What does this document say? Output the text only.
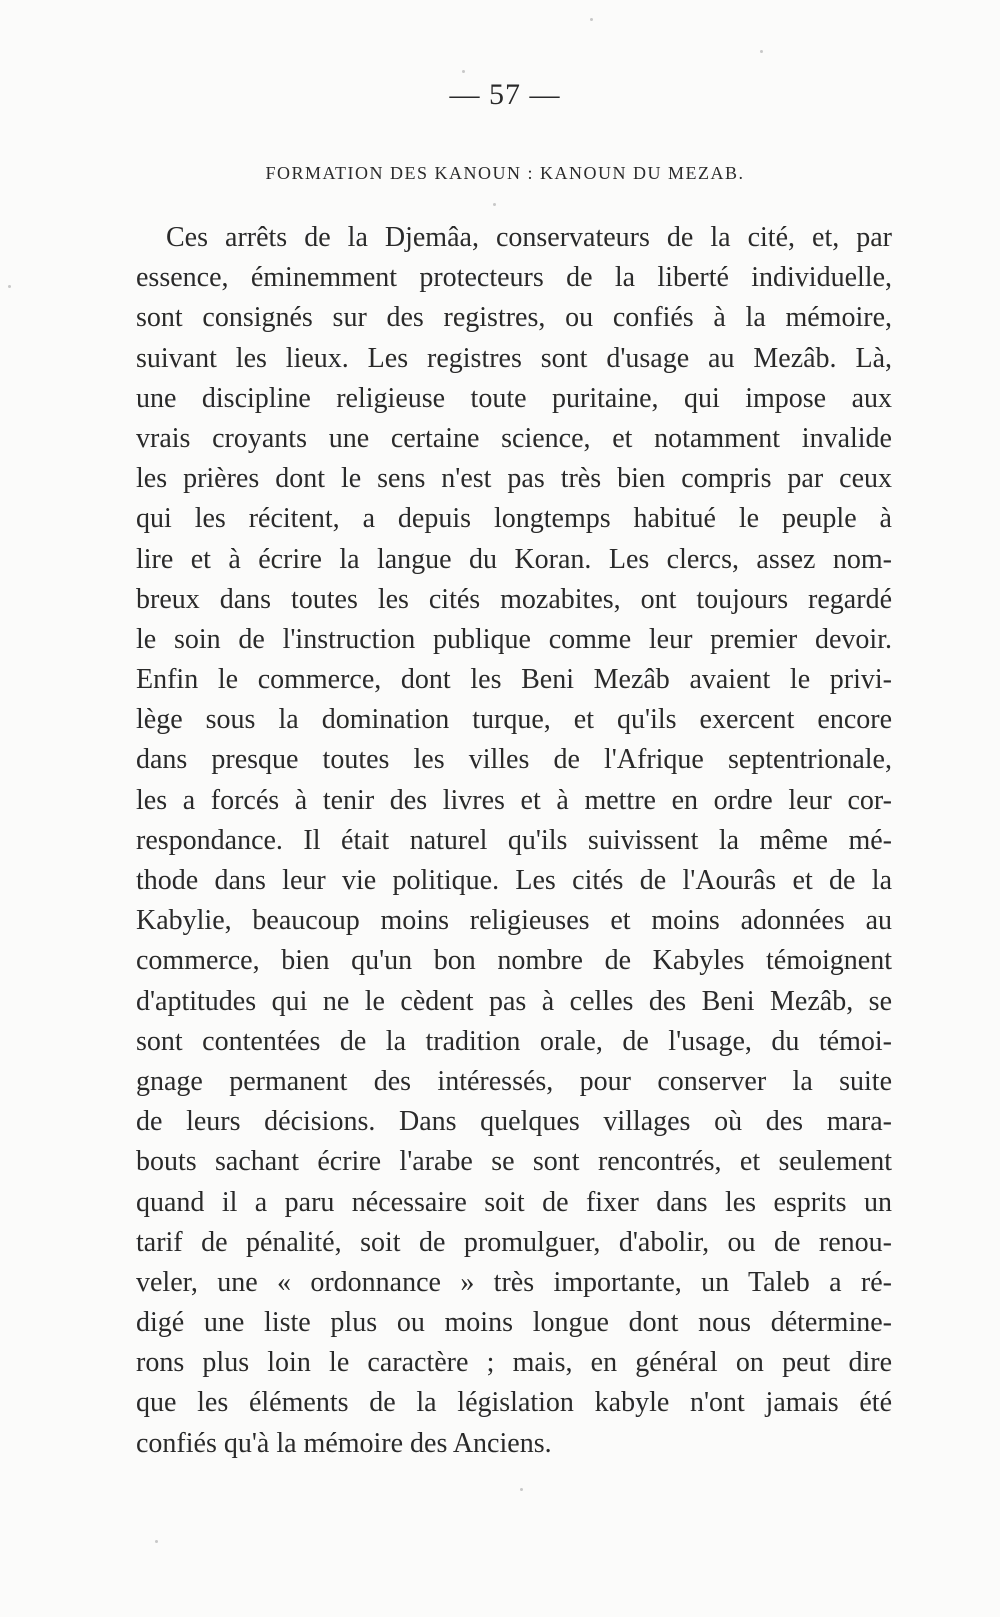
— 57 —
FORMATION DES KANOUN : KANOUN DU MEZAB.
Ces arrêts de la Djemâa, conservateurs de la cité, et, par
essence, éminemment protecteurs de la liberté individuelle,
sont consignés sur des registres, ou confiés à la mémoire,
suivant les lieux. Les registres sont d'usage au Mezâb. Là,
une discipline religieuse toute puritaine, qui impose aux
vrais croyants une certaine science, et notamment invalide
les prières dont le sens n'est pas très bien compris par ceux
qui les récitent, a depuis longtemps habitué le peuple à
lire et à écrire la langue du Koran. Les clercs, assez nom-
breux dans toutes les cités mozabites, ont toujours regardé
le soin de l'instruction publique comme leur premier devoir.
Enfin le commerce, dont les Beni Mezâb avaient le privi-
lège sous la domination turque, et qu'ils exercent encore
dans presque toutes les villes de l'Afrique septentrionale,
les a forcés à tenir des livres et à mettre en ordre leur cor-
respondance. Il était naturel qu'ils suivissent la même mé-
thode dans leur vie politique. Les cités de l'Aourâs et de la
Kabylie, beaucoup moins religieuses et moins adonnées au
commerce, bien qu'un bon nombre de Kabyles témoignent
d'aptitudes qui ne le cèdent pas à celles des Beni Mezâb, se
sont contentées de la tradition orale, de l'usage, du témoi-
gnage permanent des intéressés, pour conserver la suite
de leurs décisions. Dans quelques villages où des mara-
bouts sachant écrire l'arabe se sont rencontrés, et seulement
quand il a paru nécessaire soit de fixer dans les esprits un
tarif de pénalité, soit de promulguer, d'abolir, ou de renou-
veler, une « ordonnance » très importante, un Taleb a ré-
digé une liste plus ou moins longue dont nous détermine-
rons plus loin le caractère ; mais, en général on peut dire
que les éléments de la législation kabyle n'ont jamais été
confiés qu'à la mémoire des Anciens.
